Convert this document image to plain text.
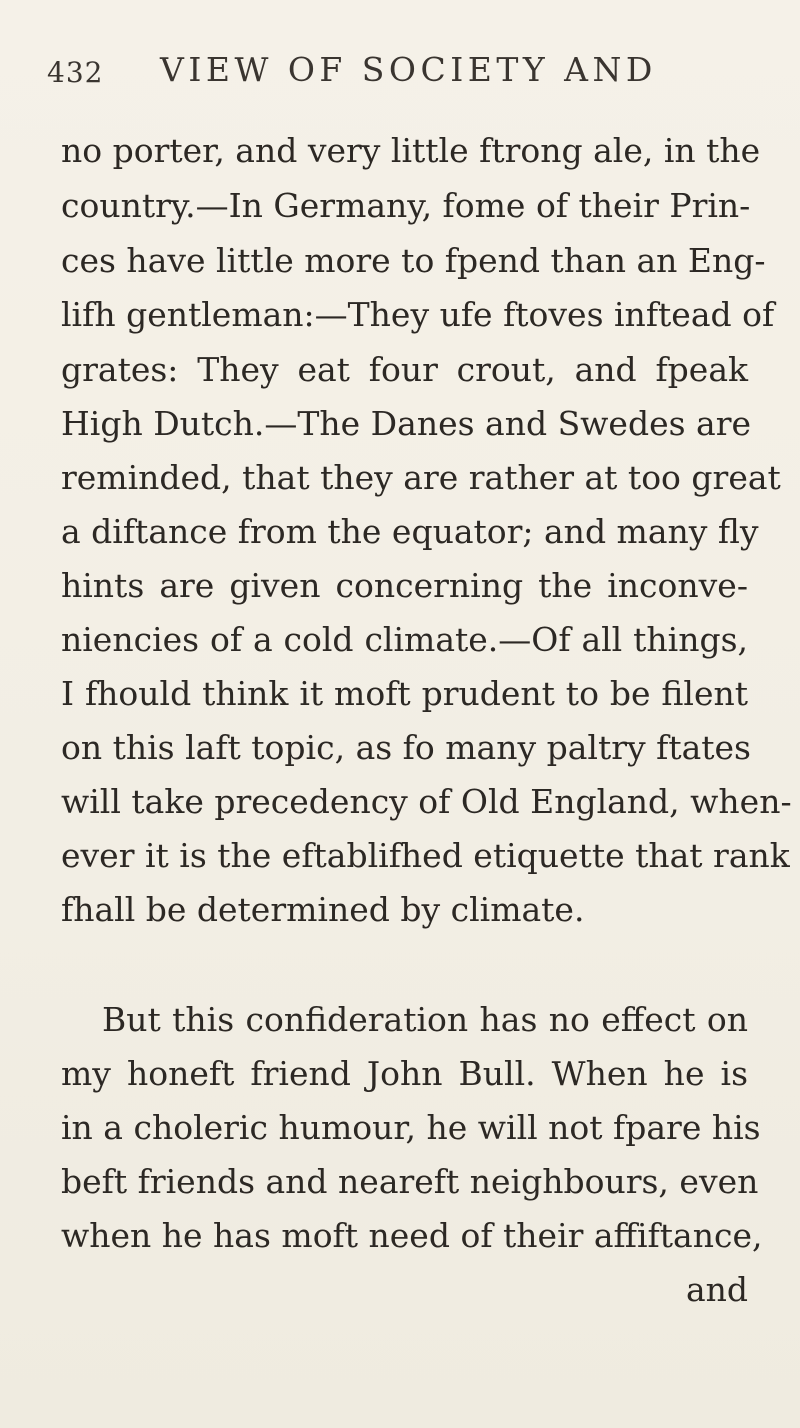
432 VIEW OF SOCIETY AND
no porter, and very little ftrong ale, in the
country.—In Germany, fome of their Prin-
ces have little more to fpend than an Eng-
lifh gentleman:—They ufe ftoves inftead of
grates: They eat four crout, and fpeak
High Dutch.—The Danes and Swedes are
reminded, that they are rather at too great
a diftance from the equator; and many fly
hints are given concerning the inconve-
niencies of a cold climate.—Of all things,
I fhould think it moft prudent to be filent
on this laft topic, as fo many paltry ftates
will take precedency of Old England, when-
ever it is the eftablifhed etiquette that rank
fhall be determined by climate.
But this confideration has no effect on
my honeft friend John Bull. When he is
in a choleric humour, he will not fpare his
beft friends and neareft neighbours, even
when he has moft need of their affiftance,
and
